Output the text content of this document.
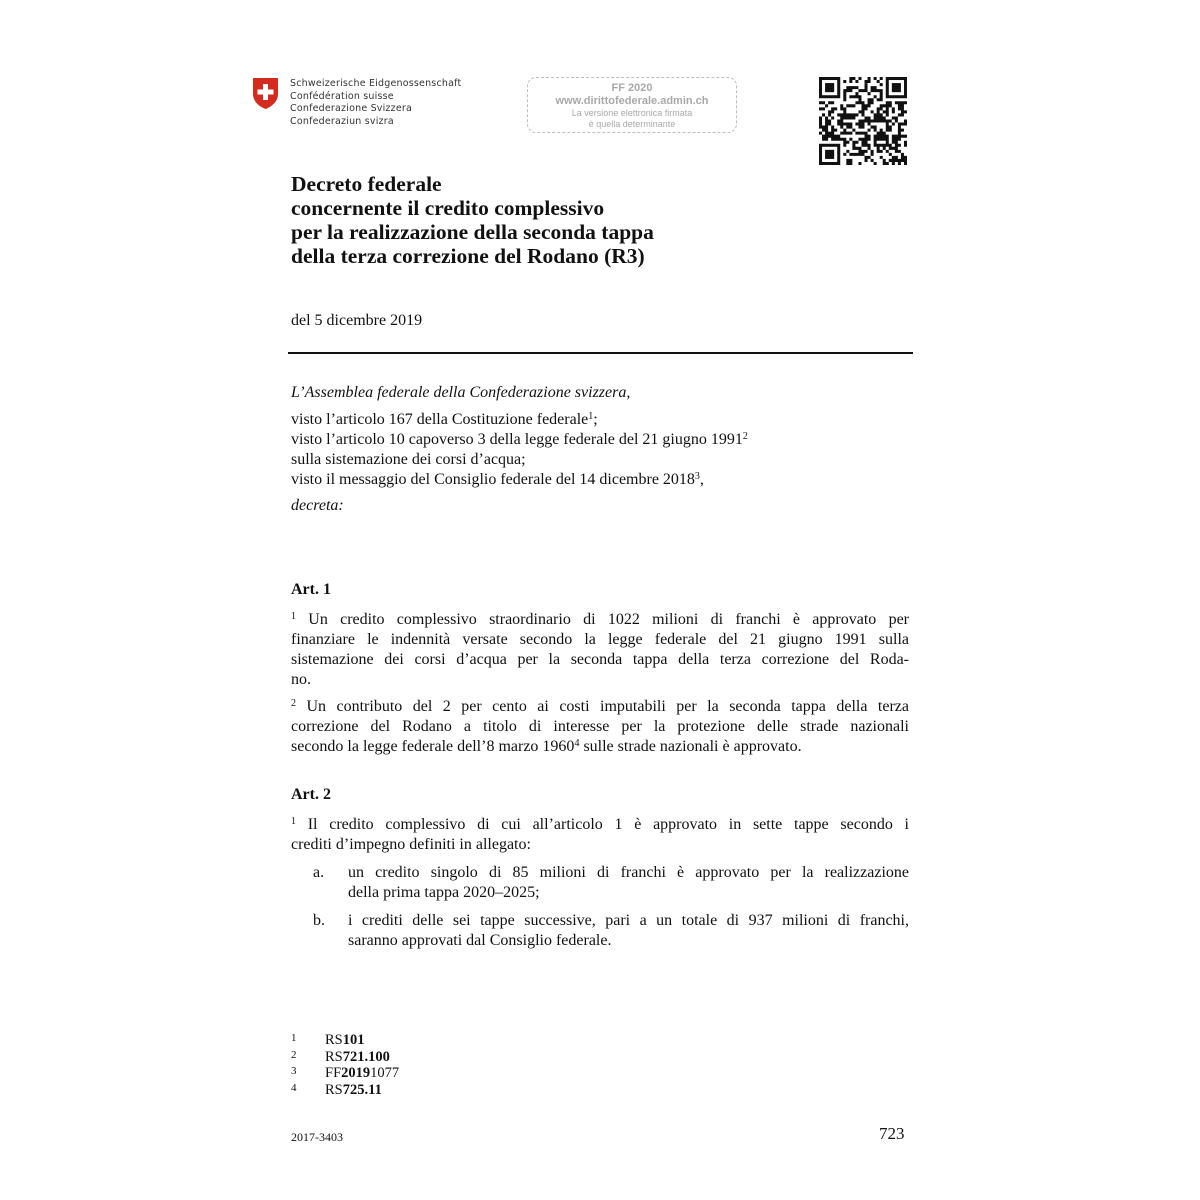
Schweizerische Eidgenossenschaft
Confédération suisse
Confederazione Svizzera
Confederaziun svizra
FF 2020
www.dirittofederale.admin.ch
La versione elettronica firmata
è quella determinante
Decreto federale
concernente il credito complessivo
per la realizzazione della seconda tappa
della terza correzione del Rodano (R3)
del 5 dicembre 2019
L’Assemblea federale della Confederazione svizzera,
visto l’articolo 167 della Costituzione federale$^1$;
visto l’articolo 10 capoverso 3 della legge federale del 21 giugno 1991$^2$
sulla sistemazione dei corsi d’acqua;
visto il messaggio del Consiglio federale del 14 dicembre 2018$^3$,
decreta:
Art. 1
$^1$ Un credito complessivo straordinario di 1022 milioni di franchi è approvato per
finanziare le indennità versate secondo la legge federale del 21 giugno 1991 sulla
sistemazione dei corsi d’acqua per la seconda tappa della terza correzione del Roda-
no.
$^2$ Un contributo del 2 per cento ai costi imputabili per la seconda tappa della terza
correzione del Rodano a titolo di interesse per la protezione delle strade nazionali
secondo la legge federale dell’8 marzo 1960$^4$ sulle strade nazionali è approvato.
Art. 2
$^1$ Il credito complessivo di cui all’articolo 1 è approvato in sette tappe secondo i
crediti d’impegno definiti in allegato:
a. un credito singolo di 85 milioni di franchi è approvato per la realizzazione
della prima tappa 2020–2025;
b. i crediti delle sei tappe successive, pari a un totale di 937 milioni di franchi,
saranno approvati dal Consiglio federale.
1	RS 101
2	RS 721.100
3	FF 2019 1077
4	RS 725.11
2017-3403	723
